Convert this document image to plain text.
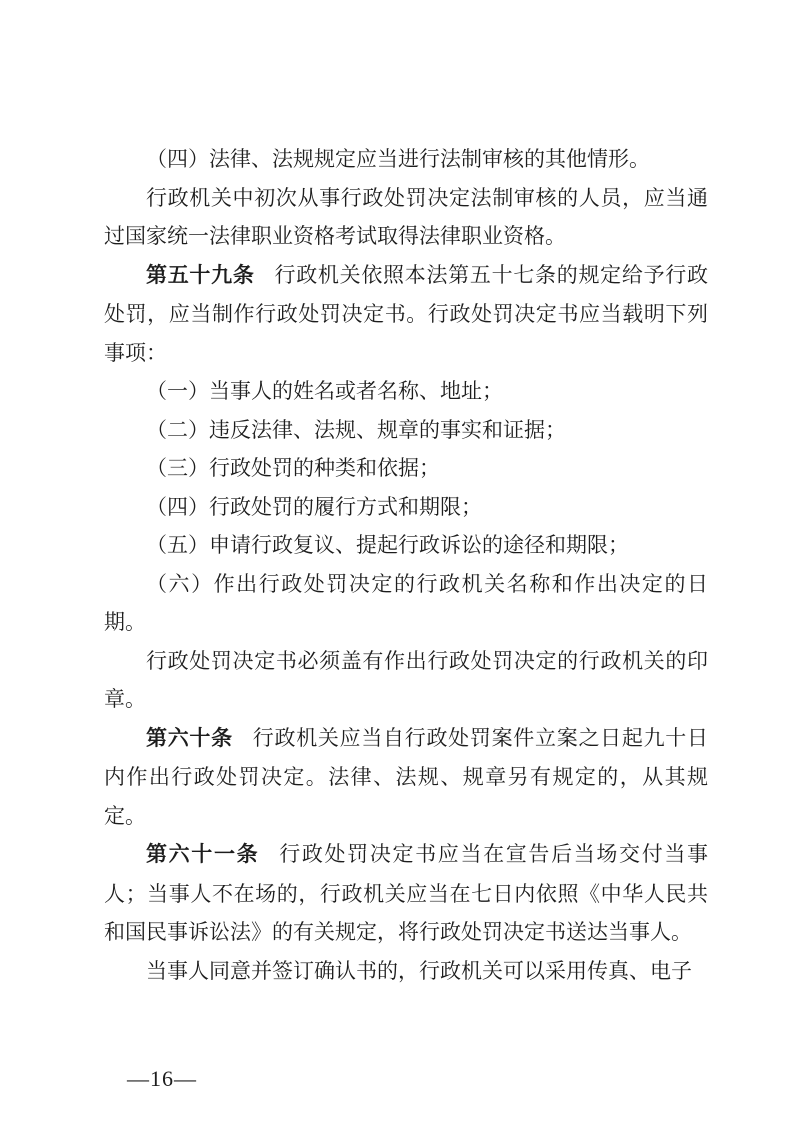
（四）法律、法规规定应当进行法制审核的其他情形。

行政机关中初次从事行政处罚决定法制审核的人员，应当通过国家统一法律职业资格考试取得法律职业资格。

第五十九条 行政机关依照本法第五十七条的规定给予行政处罚，应当制作行政处罚决定书。行政处罚决定书应当载明下列事项：

（一）当事人的姓名或者名称、地址；

（二）违反法律、法规、规章的事实和证据；

（三）行政处罚的种类和依据；

（四）行政处罚的履行方式和期限；

（五）申请行政复议、提起行政诉讼的途径和期限；

（六）作出行政处罚决定的行政机关名称和作出决定的日期。

行政处罚决定书必须盖有作出行政处罚决定的行政机关的印章。

第六十条 行政机关应当自行政处罚案件立案之日起九十日内作出行政处罚决定。法律、法规、规章另有规定的，从其规定。

第六十一条 行政处罚决定书应当在宣告后当场交付当事人；当事人不在场的，行政机关应当在七日内依照《中华人民共和国民事诉讼法》的有关规定，将行政处罚决定书送达当事人。

当事人同意并签订确认书的，行政机关可以采用传真、电子

—16—
